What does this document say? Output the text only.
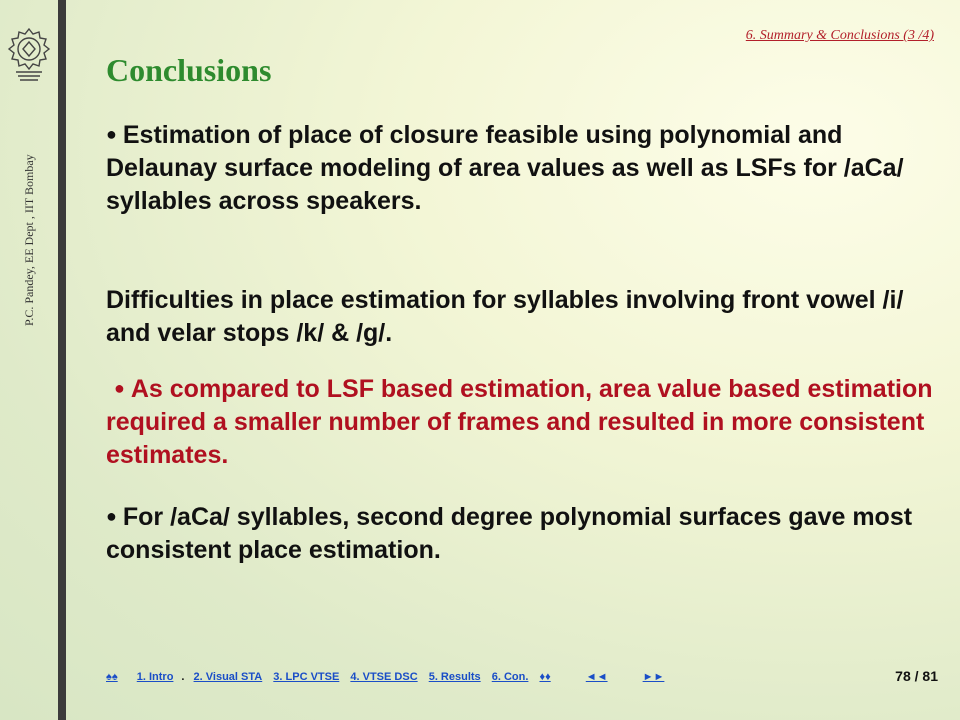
P.C. Pandey, EE Dept , IIT Bombay
6. Summary & Conclusions (3 /4)
Conclusions
● Estimation of place of closure feasible using polynomial and Delaunay surface modeling of area values as well as LSFs for /aCa/ syllables across speakers.
Difficulties in place estimation for syllables involving front vowel /i/ and velar stops /k/ & /g/.
● As compared to LSF based estimation, area value based estimation required a smaller number of frames and resulted in more consistent estimates.
● For /aCa/ syllables, second degree polynomial surfaces gave most consistent place estimation.
♠♠ 1. Intro . 2. Visual STA 3. LPC VTSE 4. VTSE DSC 5. Results 6. Con. ♦♦	◄◄	►►	78 / 81
